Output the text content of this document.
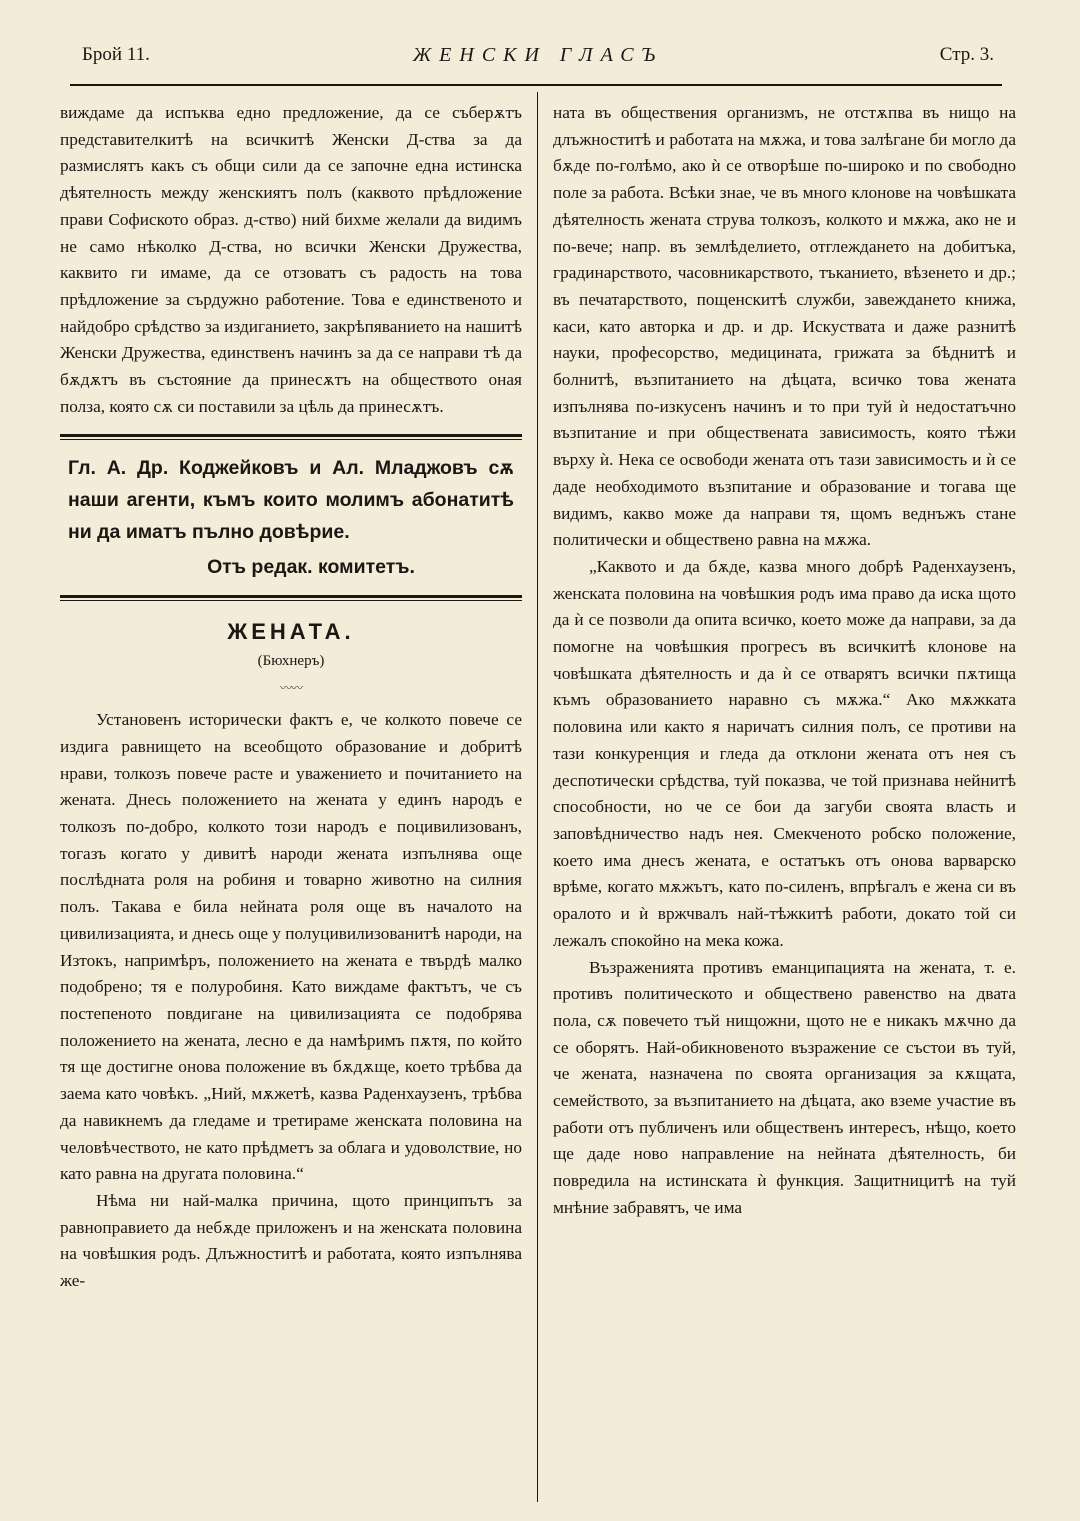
Брой 11.	ЖЕНСКИ ГЛАСЪ	Стр. 3.

виждаме да испъква едно предложение, да се съберѫтъ представителкитѣ на всичкитѣ Женски Д-ства за да размислятъ какъ съ общи сили да се започне една истинска дѣятелность между женскиятъ полъ (каквото прѣдложение прави Софиското образ. д-ство) ний бихме желали да видимъ не само нѣколко Д-ства, но всички Женски Дружества, каквито ги имаме, да се отзоватъ съ радость на това прѣдложение за сърдужно работение. Това е единственото и найдобро срѣдство за издиганието, закрѣпяванието на нашитѣ Женски Дружества, единственъ начинъ за да се направи тѣ да бѫдѫтъ въ състояние да принесѫтъ на обществото оная полза, която сѫ си поставили за цѣль да принесѫтъ.

Гл. А. Др. Коджейковъ и Ал. Младжовъ сѫ наши агенти, къмъ които молимъ абонатитѣ ни да иматъ пълно довѣрие.
Отъ редак. комитетъ.
ЖЕНАТА.
(Бюхнеръ)
〰〰

Установенъ исторически фактъ е, че колкото повече се издига равнището на всеобщото образование и добритѣ нрави, толкозъ повече расте и уважението и почитанието на жената. Днесь положението на жената у единъ народъ е толкозъ по-добро, колкото този народъ е поцивилизованъ, тогазъ когато у дивитѣ народи жената изпълнява още послѣдната роля на робиня и товарно животно на силния полъ. Такава е била нейната роля още въ началото на цивилизацията, и днесь още у полуцивилизованитѣ народи, на Изтокъ, напримѣръ, положението на жената е твърдѣ малко подобрено; тя е полуробиня. Като виждаме фактътъ, че съ постепеното повдигане на цивилизацията се подобрява положението на жената, лесно е да намѣримъ пѫтя, по който тя ще достигне онова положение въ бѫдѫще, което трѣбва да заема като човѣкъ. „Ний, мѫжетѣ, казва Раденхаузенъ, трѣбва да навикнемъ да гледаме и третираме женската половина на человѣчеството, не като прѣдметъ за облага и удоволствие, но като равна на другата половина.“

Нѣма ни най-малка причина, щото принципътъ за равноправието да небѫде приложенъ и на женската половина на човѣшкия родъ. Длъжноститѣ и работата, която изпълнява же-

ната въ обществения организмъ, не отстѫпва въ нищо на длъжноститѣ и работата на мѫжа, и това залѣгане би могло да бѫде по-голѣмо, ако ѝ се отворѣше по-широко и по свободно поле за работа. Всѣки знае, че въ много клонове на човѣшката дѣятелность жената струва толкозъ, колкото и мѫжа, ако не и по-вече; напр. въ землѣделието, отглеждането на добитъка, градинарството, часовникарството, тъканието, вѣзенето и др.; въ печатарството, пощенскитѣ служби, завеждането книжа, каси, като авторка и др. и др. Искуствата и даже разнитѣ науки, професорство, медицината, грижата за бѣднитѣ и болнитѣ, възпитанието на дѣцата, всичко това жената изпълнява по-изкусенъ начинъ и то при туй ѝ недостатъчно възпитание и при обществената зависимость, която тѣжи върху ѝ. Нека се освободи жената отъ тази зависимость и ѝ се даде необходимото възпитание и образование и тогава ще видимъ, какво може да направи тя, щомъ веднъжъ стане политически и обществено равна на мѫжа.

„Каквото и да бѫде, казва много добрѣ Раденхаузенъ, женската половина на човѣшкия родъ има право да иска щото да ѝ се позволи да опита всичко, което може да направи, за да помогне на човѣшкия прогресъ въ всичкитѣ клонове на човѣшката дѣятелность и да ѝ се отварятъ всички пѫтища къмъ образованието наравно съ мѫжа.“ Ако мѫжката половина или както я наричатъ силния полъ, се противи на тази конкуренция и гледа да отклони жената отъ нея съ деспотически срѣдства, туй показва, че той признава нейнитѣ способности, но че се бои да загуби своята власть и заповѣдничество надъ нея. Смекченото робско положение, което има днесъ жената, е остатъкъ отъ онова варварско врѣме, когато мѫжътъ, като по-силенъ, впрѣгалъ е жена си въ оралото и ѝ вржчвалъ най-тѣжкитѣ работи, докато той си лежалъ спокойно на мека кожа.

Възраженията противъ еманципацията на жената, т. е. противъ политическото и обществено равенство на двата пола, сѫ повечето тъй нищожни, щото не е никакъ мѫчно да се оборятъ. Най-обикновеното възражение се състои въ туй, че жената, назначена по своята организация за кѫщата, семейството, за възпитанието на дѣцата, ако вземе участие въ работи отъ публиченъ или общественъ интересъ, нѣщо, което ще даде ново направление на нейната дѣятелность, би повредила на истинската ѝ функция. Защитницитѣ на туй мнѣние забравятъ, че има
